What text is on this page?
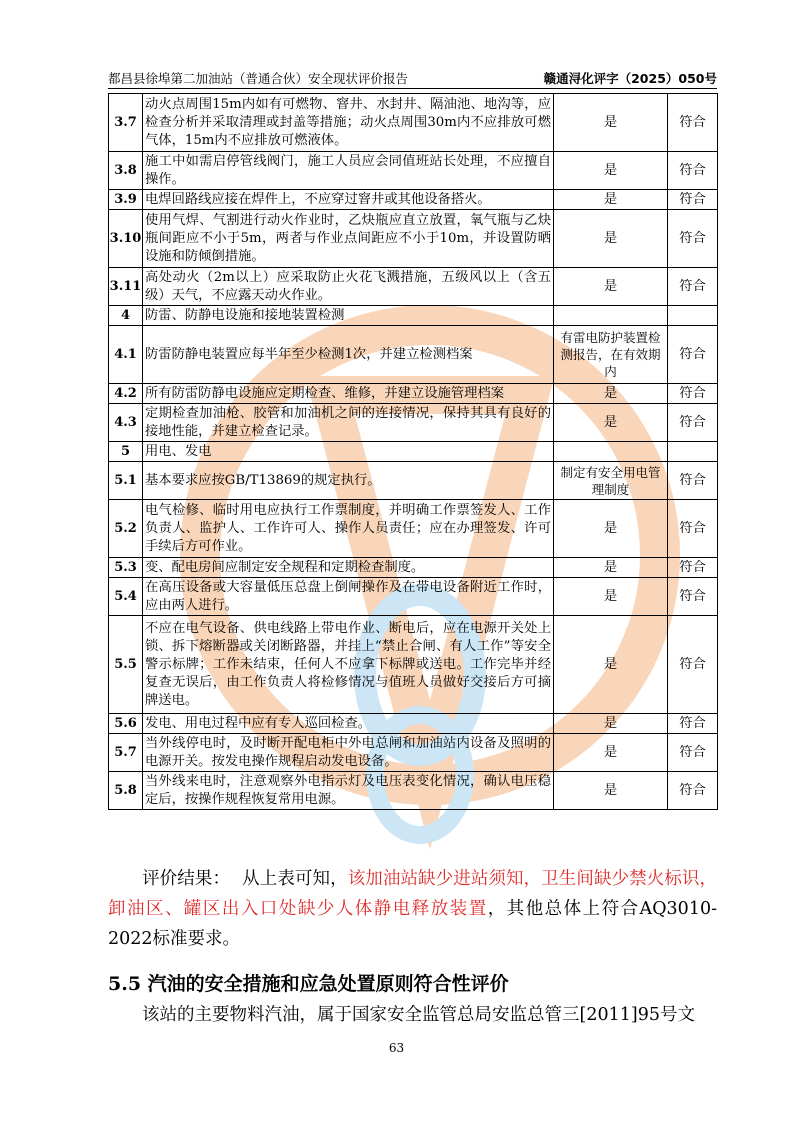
都昌县徐埠第二加油站（普通合伙）安全现状评价报告	赣通浔化评字（2025）050号
3.7	动火点周围15m内如有可燃物、窨井、水封井、隔油池、地沟等，应检查分析并采取清理或封盖等措施；动火点周围30m内不应排放可燃气体，15m内不应排放可燃液体。	是	符合
3.8	施工中如需启停管线阀门，施工人员应会同值班站长处理，不应擅自操作。	是	符合
3.9	电焊回路线应接在焊件上，不应穿过窨井或其他设备搭火。	是	符合
3.10	使用气焊、气割进行动火作业时，乙炔瓶应直立放置，氧气瓶与乙炔瓶间距应不小于5m，两者与作业点间距应不小于10m，并设置防晒设施和防倾倒措施。	是	符合
3.11	高处动火（2m以上）应采取防止火花飞溅措施，五级风以上（含五级）天气，不应露天动火作业。	是	符合
4	防雷、防静电设施和接地装置检测		
4.1	防雷防静电装置应每半年至少检测1次，并建立检测档案	有雷电防护装置检测报告，在有效期内	符合
4.2	所有防雷防静电设施应定期检查、维修，并建立设施管理档案	是	符合
4.3	定期检查加油枪、胶管和加油机之间的连接情况，保持其具有良好的接地性能，并建立检查记录。	是	符合
5	用电、发电		
5.1	基本要求应按GB/T13869的规定执行。	制定有安全用电管理制度	符合
5.2	电气检修、临时用电应执行工作票制度，并明确工作票签发人、工作负责人、监护人、工作许可人、操作人员责任；应在办理签发、许可手续后方可作业。	是	符合
5.3	变、配电房间应制定安全规程和定期检查制度。	是	符合
5.4	在高压设备或大容量低压总盘上倒闸操作及在带电设备附近工作时，应由两人进行。	是	符合
5.5	不应在电气设备、供电线路上带电作业、断电后，应在电源开关处上锁、拆下熔断器或关闭断路器，并挂上“禁止合闸、有人工作”等安全警示标牌；工作未结束，任何人不应拿下标牌或送电。工作完毕并经复查无误后，由工作负责人将检修情况与值班人员做好交接后方可摘牌送电。	是	符合
5.6	发电、用电过程中应有专人巡回检查。	是	符合
5.7	当外线停电时，及时断开配电柜中外电总闸和加油站内设备及照明的电源开关。按发电操作规程启动发电设备。	是	符合
5.8	当外线来电时，注意观察外电指示灯及电压表变化情况，确认电压稳定后，按操作规程恢复常用电源。	是	符合
评价结果： 从上表可知，该加油站缺少进站须知，卫生间缺少禁火标识，卸油区、罐区出入口处缺少人体静电释放装置，其他总体上符合AQ3010-2022标准要求。
5.5 汽油的安全措施和应急处置原则符合性评价
该站的主要物料汽油，属于国家安全监管总局安监总管三[2011]95号文
63
